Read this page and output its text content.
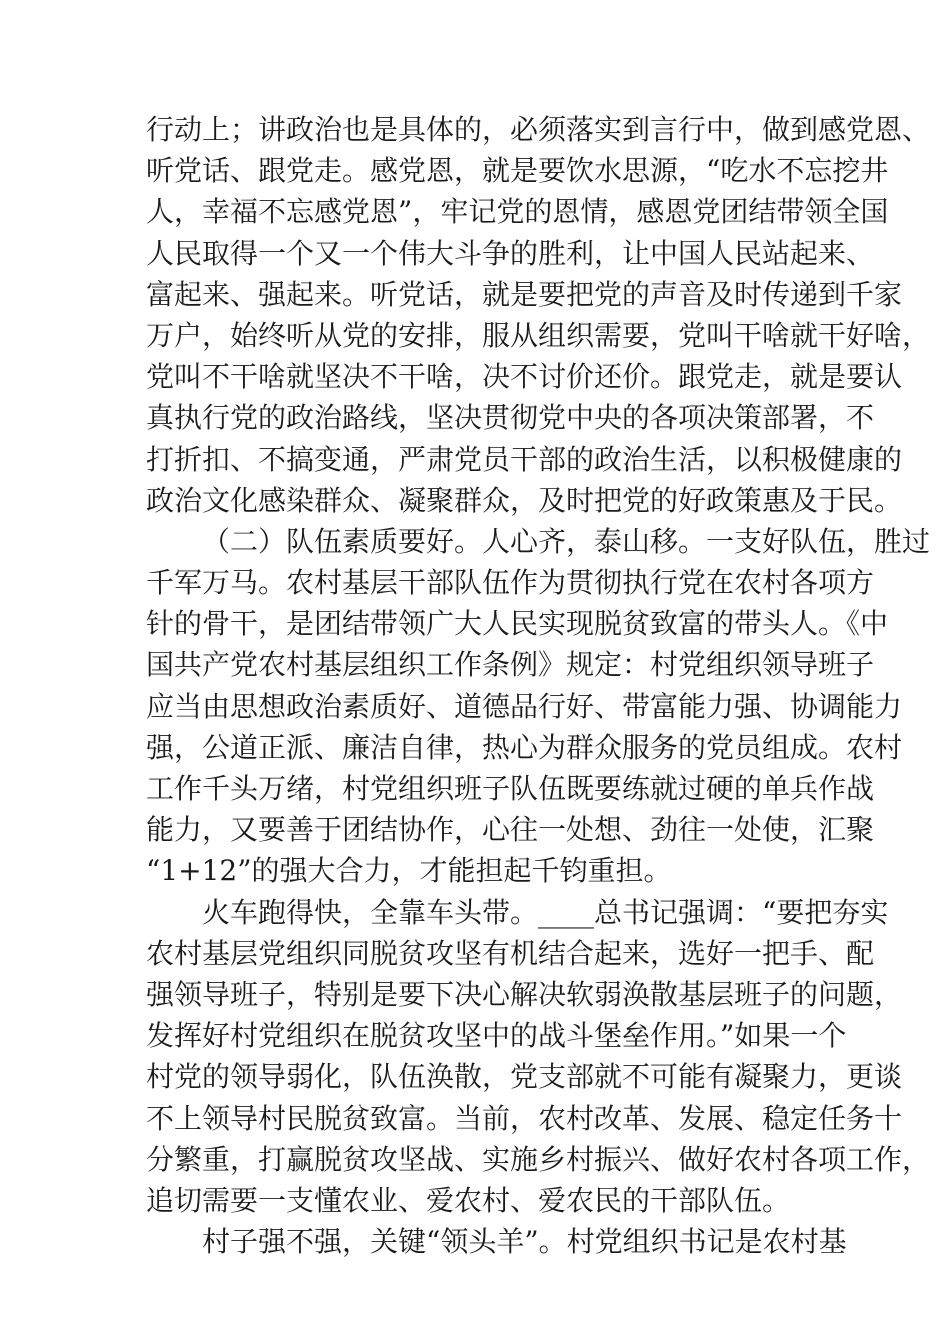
行动上；讲政治也是具体的，必须落实到言行中，做到感党恩、
听党话、跟党走。感党恩，就是要饮水思源，“吃水不忘挖井
人，幸福不忘感党恩”，牢记党的恩情，感恩党团结带领全国
人民取得一个又一个伟大斗争的胜利，让中国人民站起来、
富起来、强起来。听党话，就是要把党的声音及时传递到千家
万户，始终听从党的安排，服从组织需要，党叫干啥就干好啥，
党叫不干啥就坚决不干啥，决不讨价还价。跟党走，就是要认
真执行党的政治路线，坚决贯彻党中央的各项决策部署，不
打折扣、不搞变通，严肃党员干部的政治生活，以积极健康的
政治文化感染群众、凝聚群众，及时把党的好政策惠及于民。
（二）队伍素质要好。人心齐，泰山移。一支好队伍，胜过
千军万马。农村基层干部队伍作为贯彻执行党在农村各项方
针的骨干，是团结带领广大人民实现脱贫致富的带头人。《中
国共产党农村基层组织工作条例》规定：村党组织领导班子
应当由思想政治素质好、道德品行好、带富能力强、协调能力
强，公道正派、廉洁自律，热心为群众服务的党员组成。农村
工作千头万绪，村党组织班子队伍既要练就过硬的单兵作战
能力，又要善于团结协作，心往一处想、劲往一处使，汇聚
“1+12”的强大合力，才能担起千钧重担。
火车跑得快，全靠车头带。____总书记强调：“要把夯实
农村基层党组织同脱贫攻坚有机结合起来，选好一把手、配
强领导班子，特别是要下决心解决软弱涣散基层班子的问题，
发挥好村党组织在脱贫攻坚中的战斗堡垒作用。”如果一个
村党的领导弱化，队伍涣散，党支部就不可能有凝聚力，更谈
不上领导村民脱贫致富。当前，农村改革、发展、稳定任务十
分繁重，打赢脱贫攻坚战、实施乡村振兴、做好农村各项工作，
追切需要一支懂农业、爱农村、爱农民的干部队伍。
村子强不强，关键“领头羊”。村党组织书记是农村基
